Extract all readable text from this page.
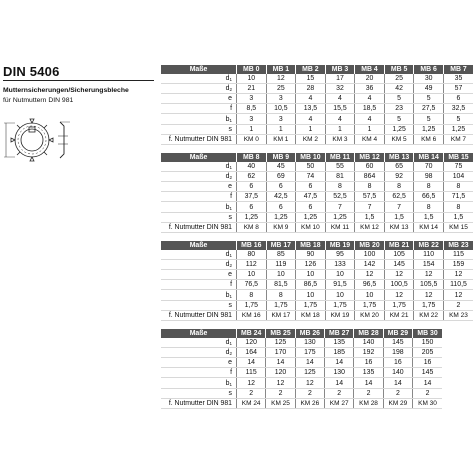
DIN 5406
Mutternsicherungen/Sicherungsbleche
für Nutmuttern DIN 981
Maße	MB 0	MB 1	MB 2	MB 3	MB 4	MB 5	MB 6	MB 7
$d_1$	10	12	15	17	20	25	30	35
$d_2$	21	25	28	32	36	42	49	57
e	3	3	4	4	4	5	5	6
f	8,5	10,5	13,5	15,5	18,5	23	27,5	32,5
$b_1$	3	3	4	4	4	5	5	5
s	1	1	1	1	1	1,25	1,25	1,25
f. Nutmutter DIN 981	KM 0	KM 1	KM 2	KM 3	KM 4	KM 5	KM 6	KM 7
Maße	MB 8	MB 9	MB 10	MB 11	MB 12	MB 13	MB 14	MB 15
$d_1$	40	45	50	55	60	65	70	75
$d_2$	62	69	74	81	864	92	98	104
e	6	6	6	8	8	8	8	8
f	37,5	42,5	47,5	52,5	57,5	62,5	66,5	71,5
$b_1$	6	6	6	7	7	7	8	8
s	1,25	1,25	1,25	1,25	1,5	1,5	1,5	1,5
f. Nutmutter DIN 981	KM 8	KM 9	KM 10	KM 11	KM 12	KM 13	KM 14	KM 15
Maße	MB 16	MB 17	MB 18	MB 19	MB 20	MB 21	MB 22	MB 23
$d_1$	80	85	90	95	100	105	110	115
$d_2$	112	119	126	133	142	145	154	159
e	10	10	10	10	12	12	12	12
f	76,5	81,5	86,5	91,5	96,5	100,5	105,5	110,5
$b_1$	8	8	10	10	10	12	12	12
s	1,75	1,75	1,75	1,75	1,75	1,75	1,75	2
f. Nutmutter DIN 981	KM 16	KM 17	KM 18	KM 19	KM 20	KM 21	KM 22	KM 23
Maße	MB 24	MB 25	MB 26	MB 27	MB 28	MB 29	MB 30
$d_1$	120	125	130	135	140	145	150
$d_2$	164	170	175	185	192	198	205
e	14	14	14	14	16	16	16
f	115	120	125	130	135	140	145
$b_1$	12	12	12	14	14	14	14
s	2	2	2	2	2	2	2
f. Nutmutter DIN 981	KM 24	KM 25	KM 26	KM 27	KM 28	KM 29	KM 30
